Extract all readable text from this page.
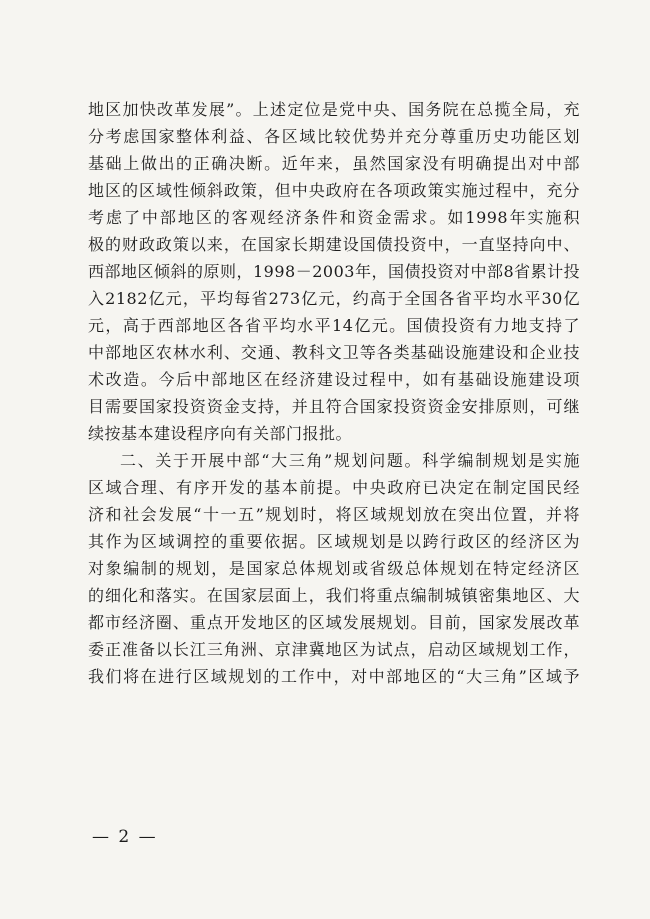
地区加快改革发展”。上述定位是党中央、国务院在总揽全局，充
分考虑国家整体利益、各区域比较优势并充分尊重历史功能区划
基础上做出的正确决断。近年来，虽然国家没有明确提出对中部
地区的区域性倾斜政策，但中央政府在各项政策实施过程中，充分
考虑了中部地区的客观经济条件和资金需求。如1998年实施积
极的财政政策以来，在国家长期建设国债投资中，一直坚持向中、
西部地区倾斜的原则，1998－2003年，国债投资对中部8省累计投
入2182亿元，平均每省273亿元，约高于全国各省平均水平30亿
元，高于西部地区各省平均水平14亿元。国债投资有力地支持了
中部地区农林水利、交通、教科文卫等各类基础设施建设和企业技
术改造。今后中部地区在经济建设过程中，如有基础设施建设项
目需要国家投资资金支持，并且符合国家投资资金安排原则，可继
续按基本建设程序向有关部门报批。
二、关于开展中部“大三角”规划问题。科学编制规划是实施
区域合理、有序开发的基本前提。中央政府已决定在制定国民经
济和社会发展“十一五”规划时，将区域规划放在突出位置，并将
其作为区域调控的重要依据。区域规划是以跨行政区的经济区为
对象编制的规划，是国家总体规划或省级总体规划在特定经济区
的细化和落实。在国家层面上，我们将重点编制城镇密集地区、大
都市经济圈、重点开发地区的区域发展规划。目前，国家发展改革
委正准备以长江三角洲、京津冀地区为试点，启动区域规划工作，
我们将在进行区域规划的工作中，对中部地区的“大三角”区域予
— 2 —
